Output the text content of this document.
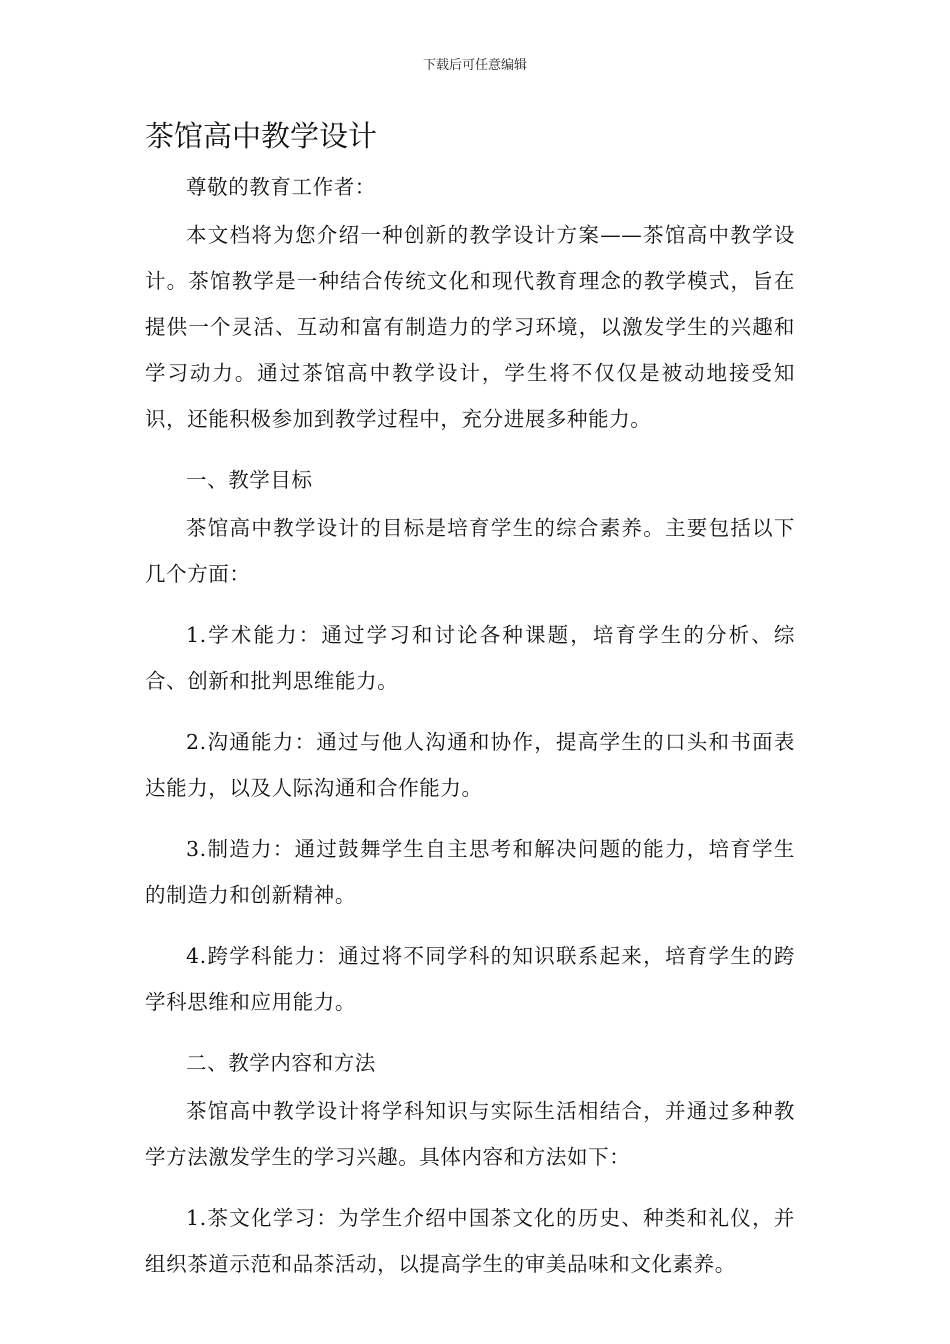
下载后可任意编辑
茶馆高中教学设计

尊敬的教育工作者：

本文档将为您介绍一种创新的教学设计方案——茶馆高中教学设计。茶馆教学是一种结合传统文化和现代教育理念的教学模式，旨在提供一个灵活、互动和富有制造力的学习环境，以激发学生的兴趣和学习动力。通过茶馆高中教学设计，学生将不仅仅是被动地接受知识，还能积极参加到教学过程中，充分进展多种能力。

一、教学目标

茶馆高中教学设计的目标是培育学生的综合素养。主要包括以下几个方面：

1.学术能力：通过学习和讨论各种课题，培育学生的分析、综合、创新和批判思维能力。

2.沟通能力：通过与他人沟通和协作，提高学生的口头和书面表达能力，以及人际沟通和合作能力。

3.制造力：通过鼓舞学生自主思考和解决问题的能力，培育学生的制造力和创新精神。

4.跨学科能力：通过将不同学科的知识联系起来，培育学生的跨学科思维和应用能力。

二、教学内容和方法

茶馆高中教学设计将学科知识与实际生活相结合，并通过多种教学方法激发学生的学习兴趣。具体内容和方法如下：

1.茶文化学习：为学生介绍中国茶文化的历史、种类和礼仪，并组织茶道示范和品茶活动，以提高学生的审美品味和文化素养。
